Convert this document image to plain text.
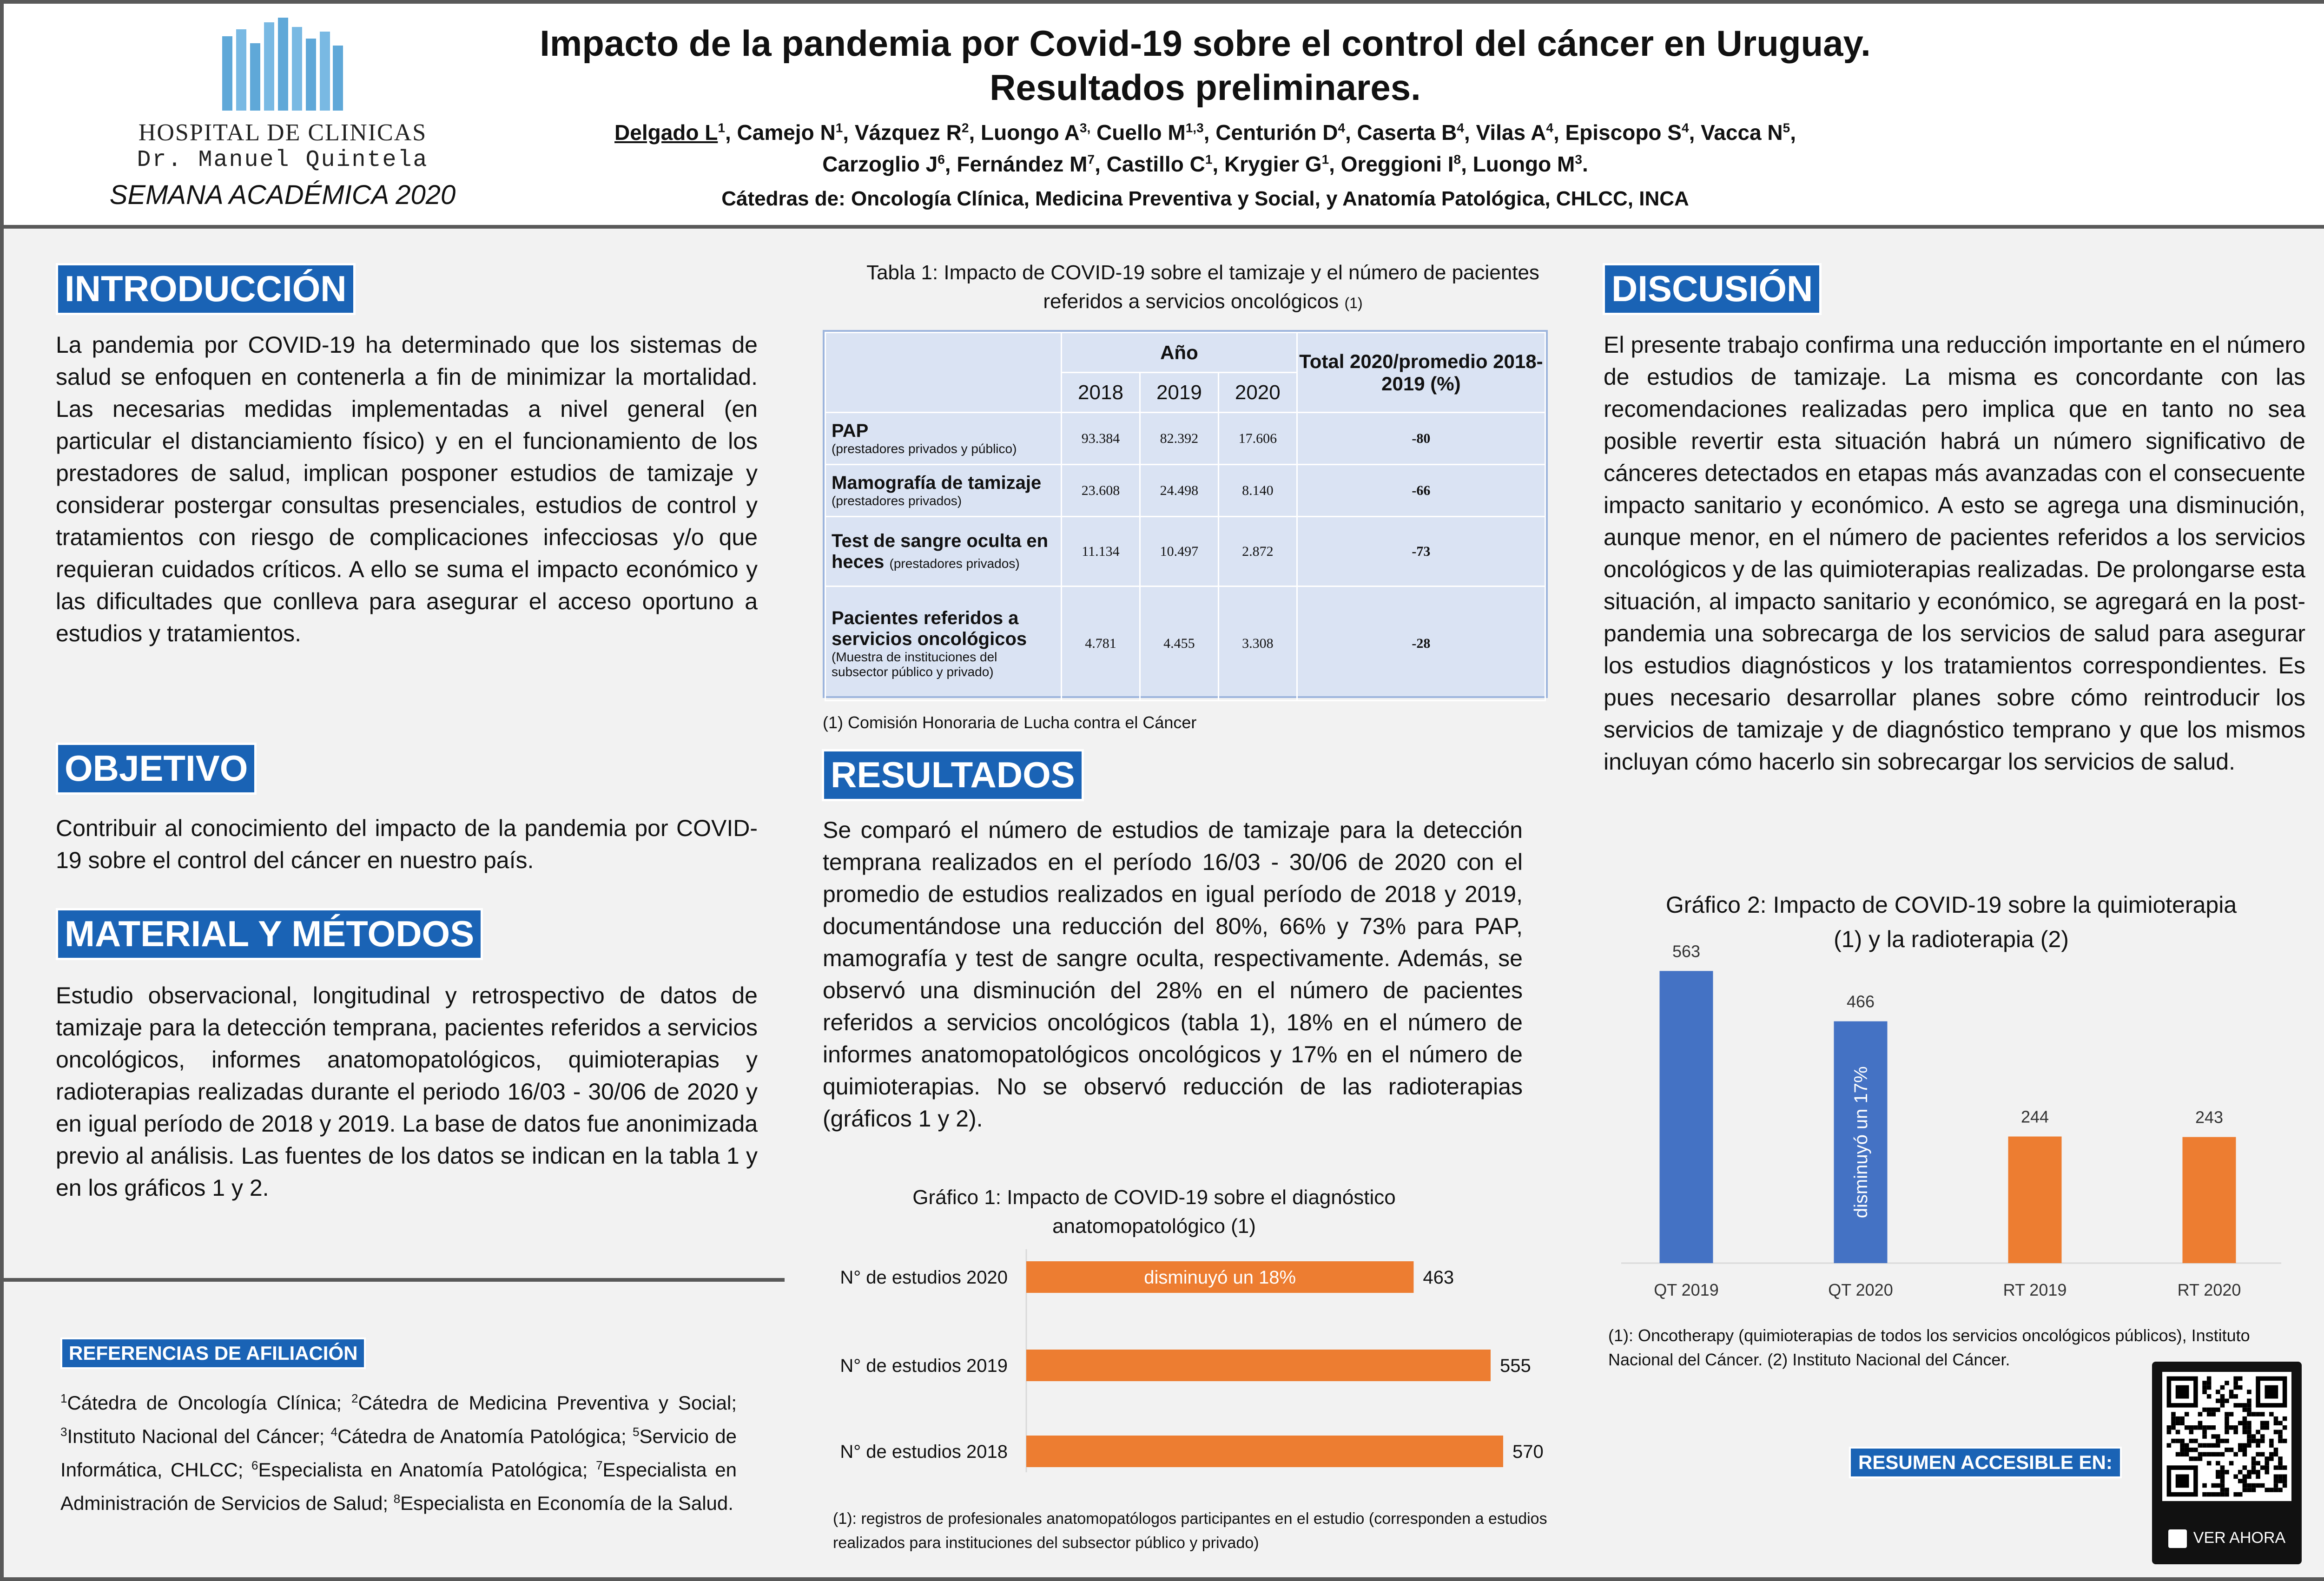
HOSPITAL DE CLINICAS
Dr. Manuel Quintela
SEMANA ACADÉMICA 2020
Impacto de la pandemia por Covid-19 sobre el control del cáncer en Uruguay.
Resultados preliminares.
Delgado $L^1$, Camejo $N^1$, Vázquez $R^2$, Luongo $A^{3,}$ Cuello M$^{1,3}$, Centurión $D^4$, Caserta $B^4$, Vilas $A^4$, Episcopo $S^4$, Vacca $N^5$,
Carzoglio $J^6$, Fernández $M^7$, Castillo $C^1$, Krygier $G^1$, Oreggioni $I^8$, Luongo $M^3$.
Cátedras de: Oncología Clínica, Medicina Preventiva y Social, y Anatomía Patológica, CHLCC, INCA
INTRODUCCIÓN
La pandemia por COVID-19 ha determinado que los sistemas de salud se enfoquen en contenerla a fin de minimizar la mortalidad. Las necesarias medidas implementadas a nivel general (en particular el distanciamiento físico) y en el funcionamiento de los prestadores de salud, implican posponer estudios de tamizaje y considerar postergar consultas presenciales, estudios de control y tratamientos con riesgo de complicaciones infecciosas y/o que requieran cuidados críticos. A ello se suma el impacto económico y las dificultades que conlleva para asegurar el acceso oportuno a estudios y tratamientos.
OBJETIVO
Contribuir al conocimiento del impacto de la pandemia por COVID-19 sobre el control del cáncer en nuestro país.
MATERIAL Y MÉTODOS
Estudio observacional, longitudinal y retrospectivo de datos de tamizaje para la detección temprana, pacientes referidos a servicios oncológicos, informes anatomopatológicos, quimioterapias y radioterapias realizadas durante el periodo 16/03 - 30/06 de 2020 y en igual período de 2018 y 2019. La base de datos fue anonimizada previo al análisis. Las fuentes de los datos se indican en la tabla 1 y en los gráficos 1 y 2.
REFERENCIAS DE AFILIACIÓN
$^1$Cátedra de Oncología Clínica; $^2$Cátedra de Medicina Preventiva y Social; $^3$Instituto Nacional del Cáncer; $^4$Cátedra de Anatomía Patológica; $^5$Servicio de Informática, CHLCC; $^6$Especialista en Anatomía Patológica; $^7$Especialista en Administración de Servicios de Salud; $^8$Especialista en Economía de la Salud.
Tabla 1: Impacto de COVID-19 sobre el tamizaje y el número de pacientes referidos a servicios oncológicos (1)
	Año			Total 2020/promedio 2018-2019 (%)
	2018	2019	2020	
PAP
(prestadores privados y público)	93.384	82.392	17.606	-80
Mamografía de tamizaje
(prestadores privados)	23.608	24.498	8.140	-66
Test de sangre oculta en heces (prestadores privados)	11.134	10.497	2.872	-73
Pacientes referidos a servicios oncológicos
(Muestra de instituciones del subsector público y privado)	4.781	4.455	3.308	-28
(1) Comisión Honoraria de Lucha contra el Cáncer
RESULTADOS
Se comparó el número de estudios de tamizaje para la detección temprana realizados en el período 16/03 - 30/06 de 2020 con el promedio de estudios realizados en igual período de 2018 y 2019, documentándose una reducción del 80%, 66% y 73% para PAP, mamografía y test de sangre oculta, respectivamente. Además, se observó una disminución del 28% en el número de pacientes referidos a servicios oncológicos (tabla 1), 18% en el número de informes anatomopatológicos oncológicos y 17% en el número de quimioterapias. No se observó reducción de las radioterapias (gráficos 1 y 2).
Gráfico 1: Impacto de COVID-19 sobre el diagnóstico anatomopatológico (1)
N° de estudios 2020	463
N° de estudios 2019	555
N° de estudios 2018	570
disminuyó un 18%
(1): registros de profesionales anatomopatólogos participantes en el estudio (corresponden a estudios realizados para instituciones del subsector público y privado)
DISCUSIÓN
El presente trabajo confirma una reducción importante en el número de estudios de tamizaje. La misma es concordante con las recomendaciones realizadas pero implica que en tanto no sea posible revertir esta situación habrá un número significativo de cánceres detectados en etapas más avanzadas con el consecuente impacto sanitario y económico. A esto se agrega una disminución, aunque menor, en el número de pacientes referidos a los servicios oncológicos y de las quimioterapias realizadas. De prolongarse esta situación, al impacto sanitario y económico, se agregará en la post-pandemia una sobrecarga de los servicios de salud para asegurar los estudios diagnósticos y los tratamientos correspondientes. Es pues necesario desarrollar planes sobre cómo reintroducir los servicios de tamizaje y de diagnóstico temprano y que los mismos incluyan cómo hacerlo sin sobrecargar los servicios de salud.
Gráfico 2: Impacto de COVID-19 sobre la quimioterapia (1) y la radioterapia (2)
563
QT 2019
466
QT 2020
244
RT 2019
243
RT 2020
disminuyó un 17%
(1): Oncotherapy (quimioterapias de todos los servicios oncológicos públicos), Instituto Nacional del Cáncer. (2) Instituto Nacional del Cáncer.
RESUMEN ACCESIBLE EN:
VER AHORA
